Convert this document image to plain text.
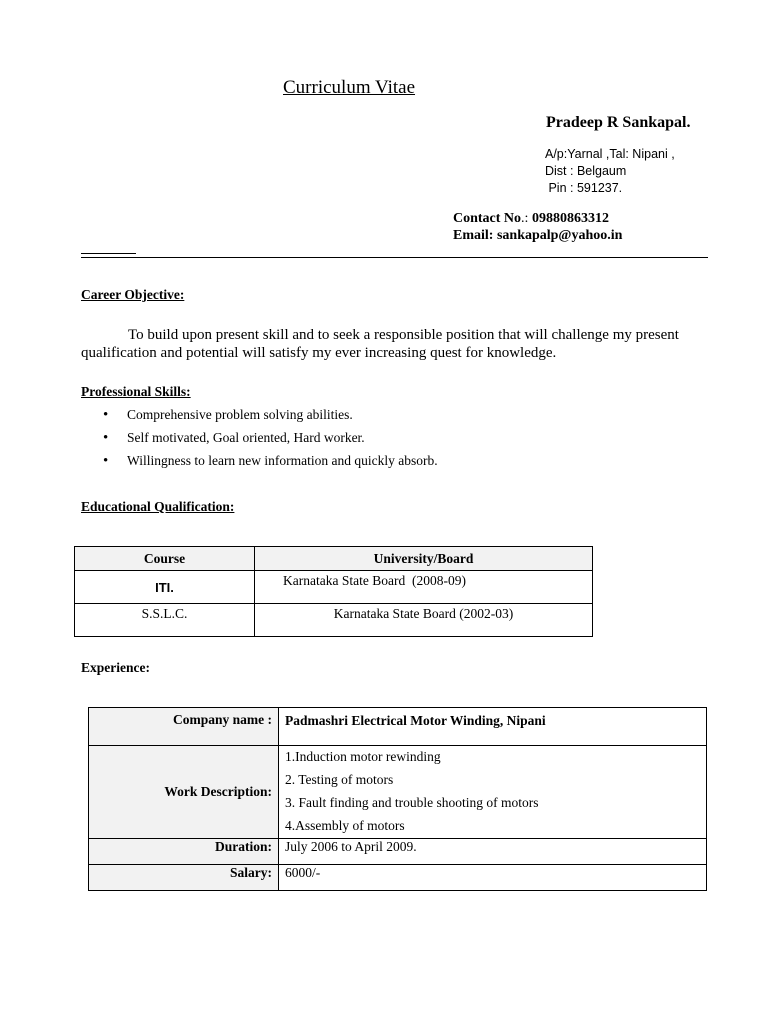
Curriculum Vitae
Pradeep R Sankapal.
A/p:Yarnal ,Tal: Nipani ,
Dist : Belgaum
Pin : 591237.
Contact No.: 09880863312
Email: sankapalp@yahoo.in
Career Objective:
To build upon present skill and to seek a responsible position that will challenge my present qualification and potential will satisfy my ever increasing quest for knowledge.
Professional Skills:
• Comprehensive problem solving abilities.
• Self motivated, Goal oriented, Hard worker.
• Willingness to learn new information and quickly absorb.
Educational Qualification:
Course	University/Board
ITI.	Karnataka State Board  (2008-09)
S.S.L.C.	Karnataka State Board (2002-03)
Experience:
Company name :	Padmashri Electrical Motor Winding, Nipani
Work Description:	1.Induction motor rewinding
2. Testing of motors
3. Fault finding and trouble shooting of motors
4.Assembly of motors

Duration:	July 2006 to April 2009.
Salary:	6000/-
